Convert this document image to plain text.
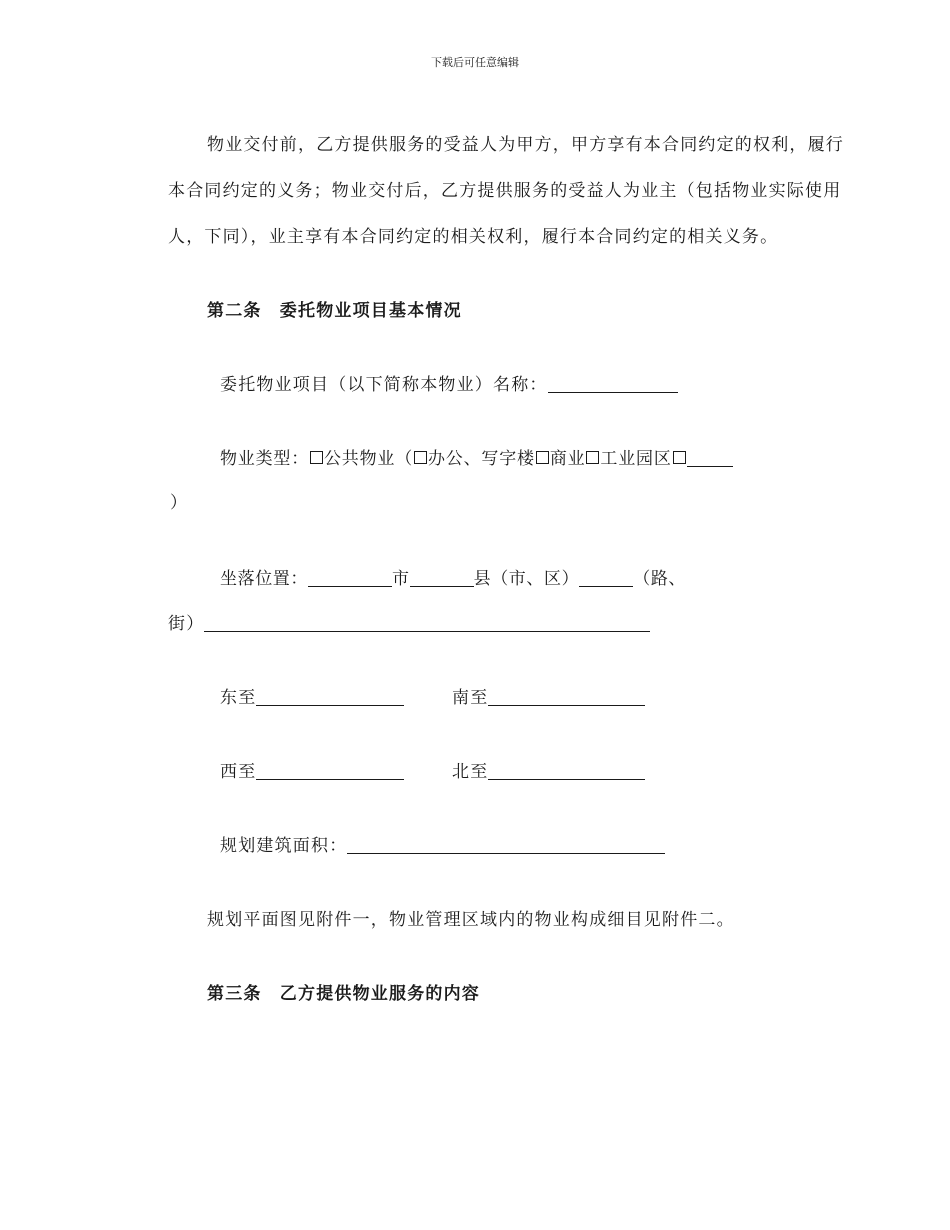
下载后可任意编辑
物业交付前，乙方提供服务的受益人为甲方，甲方享有本合同约定的权利，履行
本合同约定的义务；物业交付后，乙方提供服务的受益人为业主（包括物业实际使用
人，下同），业主享有本合同约定的相关权利，履行本合同约定的相关义务。
第二条　委托物业项目基本情况
委托物业项目（以下简称本物业）名称：
物业类型： 公共物业（ 办公、写字楼 商业 工业园区
）
坐落位置：	市	县（市、区）	（路、
街）
东至	南至
西至	北至
规划建筑面积：
规划平面图见附件一，物业管理区域内的物业构成细目见附件二。
第三条　乙方提供物业服务的内容
